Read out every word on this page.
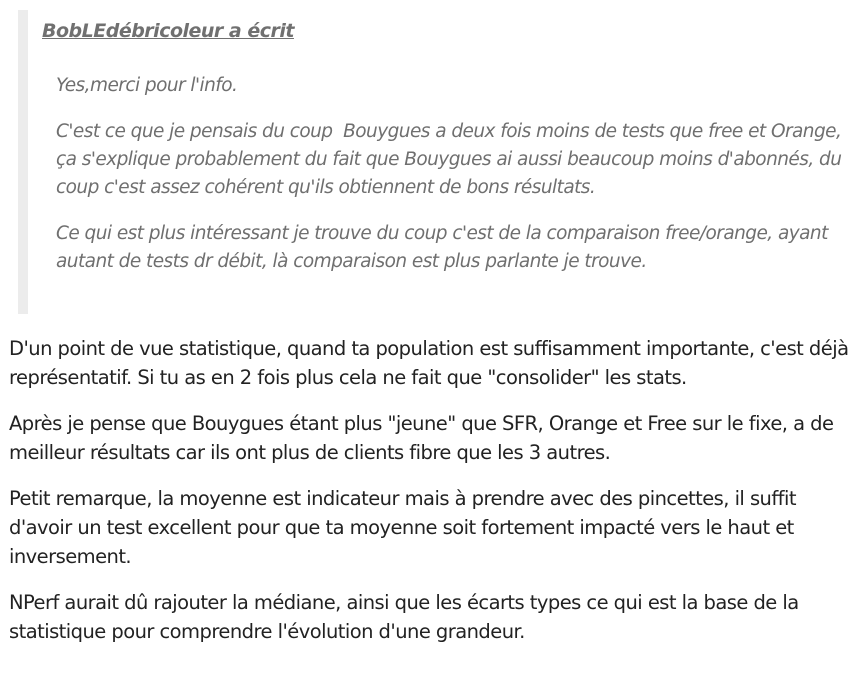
BobLEdébricoleur a écrit

Yes,merci pour l'info.

C'est ce que je pensais du coup  Bouygues a deux fois moins de tests que free et Orange, ça s'explique probablement du fait que Bouygues ai aussi beaucoup moins d'abonnés, du coup c'est assez cohérent qu'ils obtiennent de bons résultats.

Ce qui est plus intéressant je trouve du coup c'est de la comparaison free/orange, ayant autant de tests dr débit, là comparaison est plus parlante je trouve.

D'un point de vue statistique, quand ta population est suffisamment importante, c'est déjà représentatif. Si tu as en 2 fois plus cela ne fait que "consolider" les stats.

Après je pense que Bouygues étant plus "jeune" que SFR, Orange et Free sur le fixe, a de meilleur résultats car ils ont plus de clients fibre que les 3 autres.

Petit remarque, la moyenne est indicateur mais à prendre avec des pincettes, il suffit d'avoir un test excellent pour que ta moyenne soit fortement impacté vers le haut et inversement.

NPerf aurait dû rajouter la médiane, ainsi que les écarts types ce qui est la base de la statistique pour comprendre l'évolution d'une grandeur.
